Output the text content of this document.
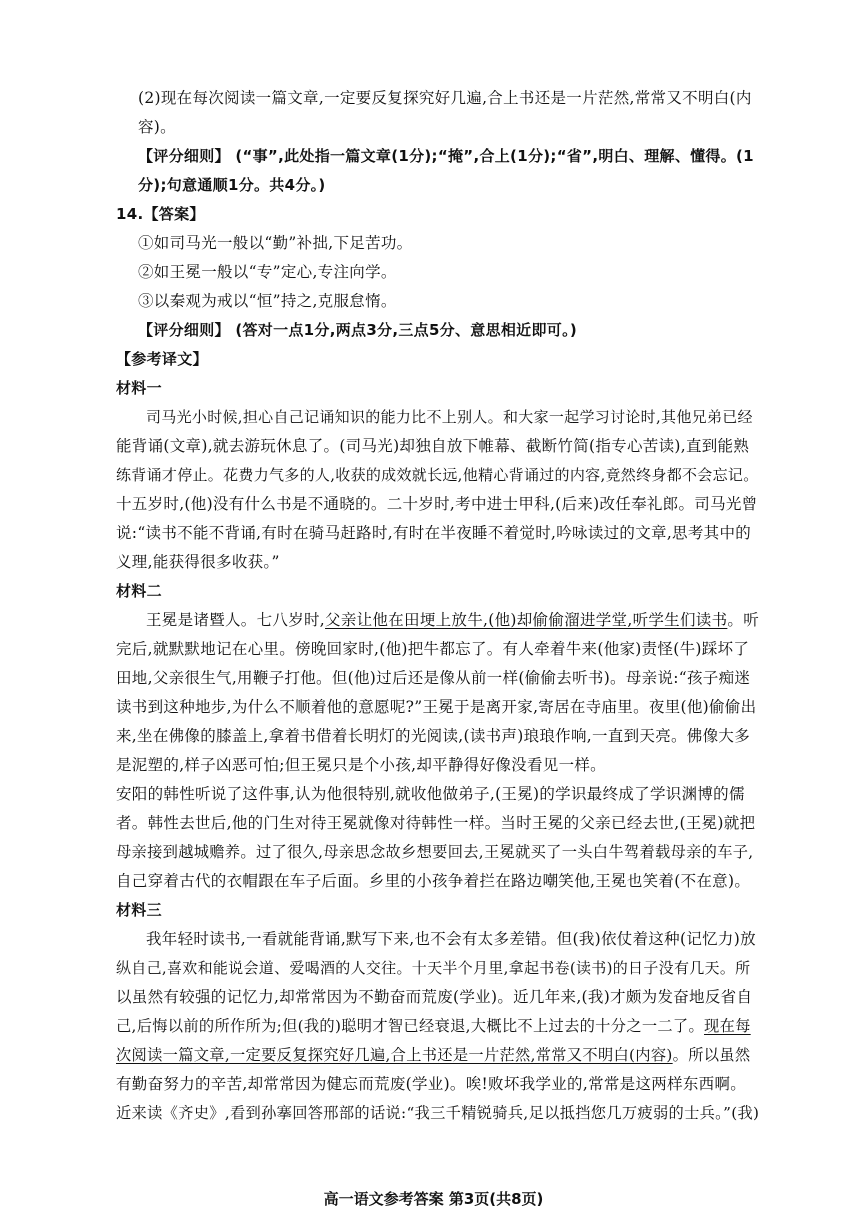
(2)现在每次阅读一篇文章,一定要反复探究好几遍,合上书还是一片茫然,常常又不明白(内
容)。
【评分细则】 (“事”,此处指一篇文章(1分);“掩”,合上(1分);“省”,明白、理解、懂得。(1
分);句意通顺1分。共4分。)
14.【答案】
①如司马光一般以“勤”补拙,下足苦功。
②如王冕一般以“专”定心,专注向学。
③以秦观为戒以“恒”持之,克服怠惰。
【评分细则】 (答对一点1分,两点3分,三点5分、意思相近即可。)
【参考译文】
材料一
司马光小时候,担心自己记诵知识的能力比不上别人。和大家一起学习讨论时,其他兄弟已经
能背诵(文章),就去游玩休息了。(司马光)却独自放下帷幕、截断竹简(指专心苦读),直到能熟
练背诵才停止。花费力气多的人,收获的成效就长远,他精心背诵过的内容,竟然终身都不会忘记。
十五岁时,(他)没有什么书是不通晓的。二十岁时,考中进士甲科,(后来)改任奉礼郎。司马光曾
说:“读书不能不背诵,有时在骑马赶路时,有时在半夜睡不着觉时,吟咏读过的文章,思考其中的
义理,能获得很多收获。”
材料二
王冕是诸暨人。七八岁时,父亲让他在田埂上放牛,(他)却偷偷溜进学堂,听学生们读书。听
完后,就默默地记在心里。傍晚回家时,(他)把牛都忘了。有人牵着牛来(他家)责怪(牛)踩坏了
田地,父亲很生气,用鞭子打他。但(他)过后还是像从前一样(偷偷去听书)。母亲说:“孩子痴迷
读书到这种地步,为什么不顺着他的意愿呢?”王冕于是离开家,寄居在寺庙里。夜里(他)偷偷出
来,坐在佛像的膝盖上,拿着书借着长明灯的光阅读,(读书声)琅琅作响,一直到天亮。佛像大多
是泥塑的,样子凶恶可怕;但王冕只是个小孩,却平静得好像没看见一样。
安阳的韩性听说了这件事,认为他很特别,就收他做弟子,(王冕)的学识最终成了学识渊博的儒
者。韩性去世后,他的门生对待王冕就像对待韩性一样。当时王冕的父亲已经去世,(王冕)就把
母亲接到越城赡养。过了很久,母亲思念故乡想要回去,王冕就买了一头白牛驾着载母亲的车子,
自己穿着古代的衣帽跟在车子后面。乡里的小孩争着拦在路边嘲笑他,王冕也笑着(不在意)。
材料三
我年轻时读书,一看就能背诵,默写下来,也不会有太多差错。但(我)依仗着这种(记忆力)放
纵自己,喜欢和能说会道、爱喝酒的人交往。十天半个月里,拿起书卷(读书)的日子没有几天。所
以虽然有较强的记忆力,却常常因为不勤奋而荒废(学业)。近几年来,(我)才颇为发奋地反省自
己,后悔以前的所作所为;但(我的)聪明才智已经衰退,大概比不上过去的十分之一二了。现在每
次阅读一篇文章,一定要反复探究好几遍,合上书还是一片茫然,常常又不明白(内容)。所以虽然
有勤奋努力的辛苦,却常常因为健忘而荒废(学业)。唉!败坏我学业的,常常是这两样东西啊。
近来读《齐史》,看到孙搴回答邢部的话说:“我三千精锐骑兵,足以抵挡您几万疲弱的士兵。”(我)
高一语文参考答案 第3页(共8页)
